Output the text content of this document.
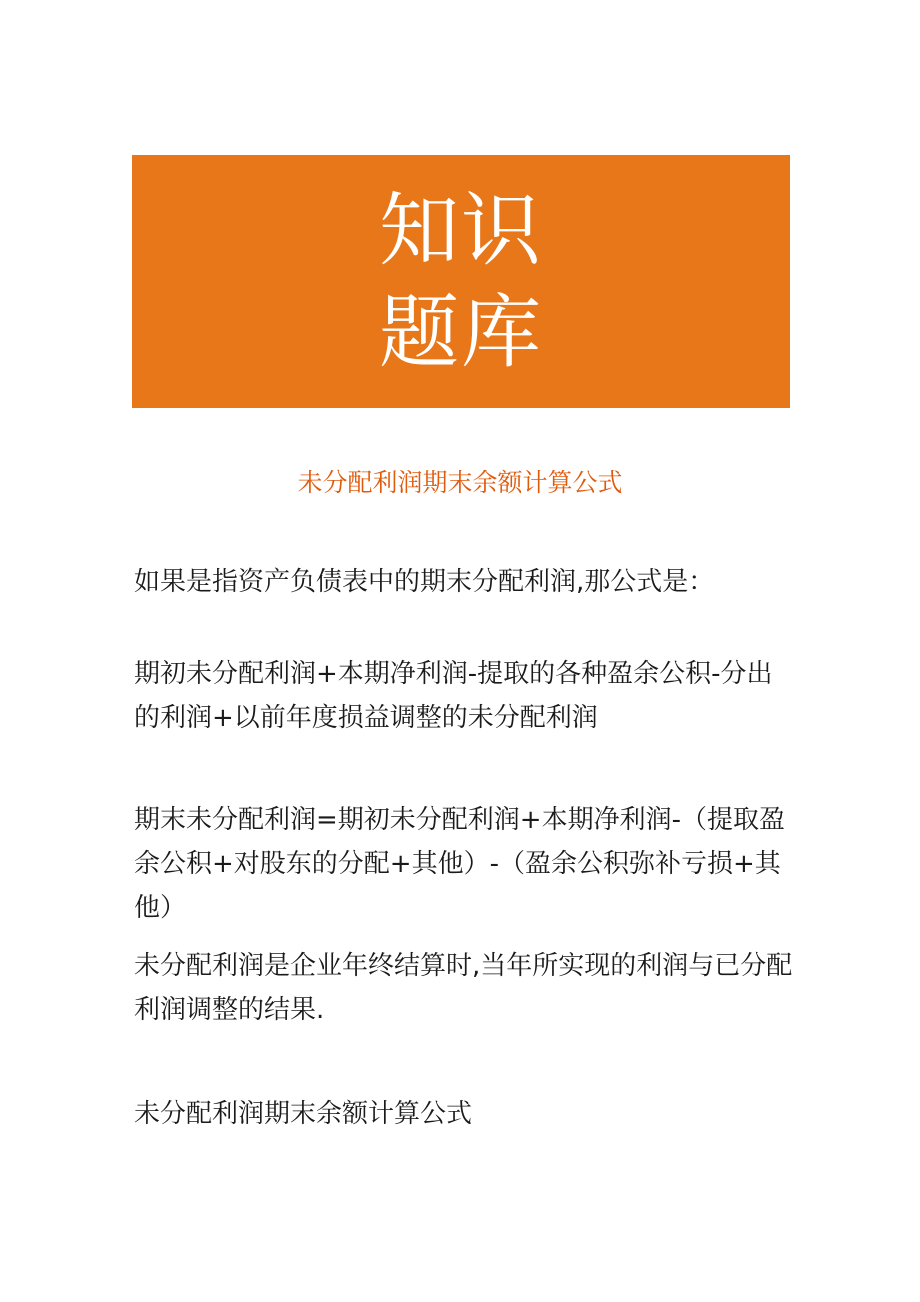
知识
题库
未分配利润期末余额计算公式

如果是指资产负债表中的期末分配利润,那公式是：

期初未分配利润+本期净利润-提取的各种盈余公积-分出的利润+以前年度损益调整的未分配利润

期末未分配利润=期初未分配利润+本期净利润-（提取盈余公积+对股东的分配+其他）-（盈余公积弥补亏损+其他）

未分配利润是企业年终结算时,当年所实现的利润与已分配利润调整的结果.

未分配利润期末余额计算公式
